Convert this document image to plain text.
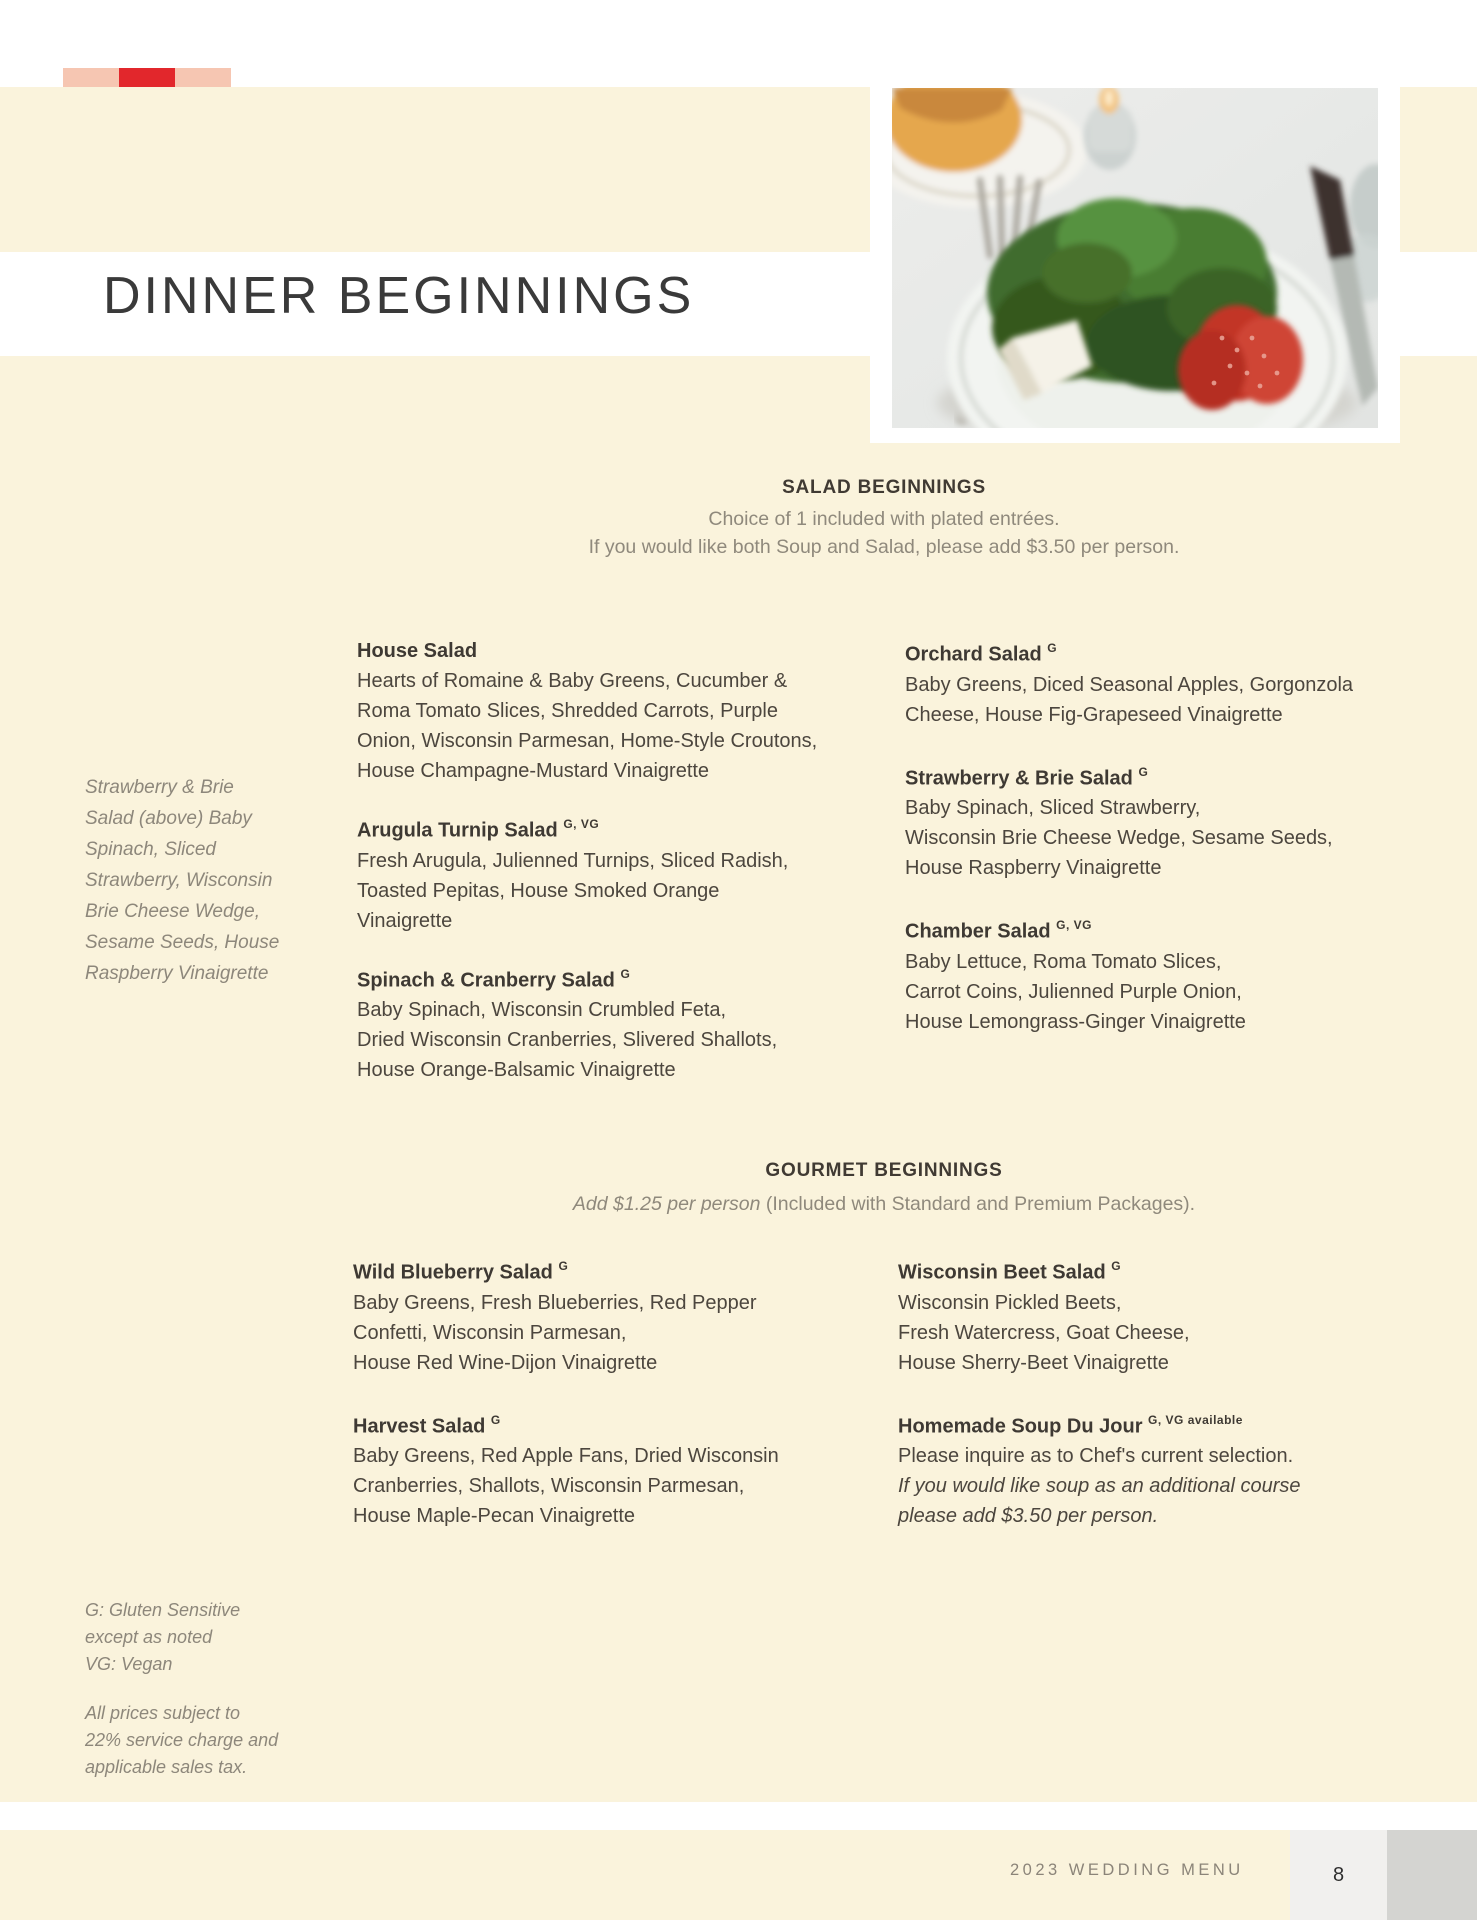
DINNER BEGINNINGS
SALAD BEGINNINGS
Choice of 1 included with plated entrées.
If you would like both Soup and Salad, please add $3.50 per person.
Strawberry & Brie
Salad (above) Baby
Spinach, Sliced
Strawberry, Wisconsin
Brie Cheese Wedge,
Sesame Seeds, House
Raspberry Vinaigrette
House Salad
Hearts of Romaine & Baby Greens, Cucumber &
Roma Tomato Slices, Shredded Carrots, Purple
Onion, Wisconsin Parmesan, Home-Style Croutons,
House Champagne-Mustard Vinaigrette
Arugula Turnip Salad $^{G, VG}$
Fresh Arugula, Julienned Turnips, Sliced Radish,
Toasted Pepitas, House Smoked Orange
Vinaigrette
Spinach & Cranberry Salad $^G$
Baby Spinach, Wisconsin Crumbled Feta,
Dried Wisconsin Cranberries, Slivered Shallots,
House Orange-Balsamic Vinaigrette
Orchard Salad $^G$
Baby Greens, Diced Seasonal Apples, Gorgonzola
Cheese, House Fig-Grapeseed Vinaigrette
Strawberry & Brie Salad $^G$
Baby Spinach, Sliced Strawberry,
Wisconsin Brie Cheese Wedge, Sesame Seeds,
House Raspberry Vinaigrette
Chamber Salad $^{G, VG}$
Baby Lettuce, Roma Tomato Slices,
Carrot Coins, Julienned Purple Onion,
House Lemongrass-Ginger Vinaigrette
GOURMET BEGINNINGS
Add $1.25 per person (Included with Standard and Premium Packages).
Wild Blueberry Salad $^G$
Baby Greens, Fresh Blueberries, Red Pepper
Confetti, Wisconsin Parmesan,
House Red Wine-Dijon Vinaigrette
Harvest Salad $^G$
Baby Greens, Red Apple Fans, Dried Wisconsin
Cranberries, Shallots, Wisconsin Parmesan,
House Maple-Pecan Vinaigrette
Wisconsin Beet Salad $^G$
Wisconsin Pickled Beets,
Fresh Watercress, Goat Cheese,
House Sherry-Beet Vinaigrette
Homemade Soup Du Jour $^{G, VG available}$
Please inquire as to Chef's current selection.
If you would like soup as an additional course
please add $3.50 per person.
G: Gluten Sensitive
except as noted
VG: Vegan
All prices subject to
22% service charge and
applicable sales tax.
2023 WEDDING MENU	8
